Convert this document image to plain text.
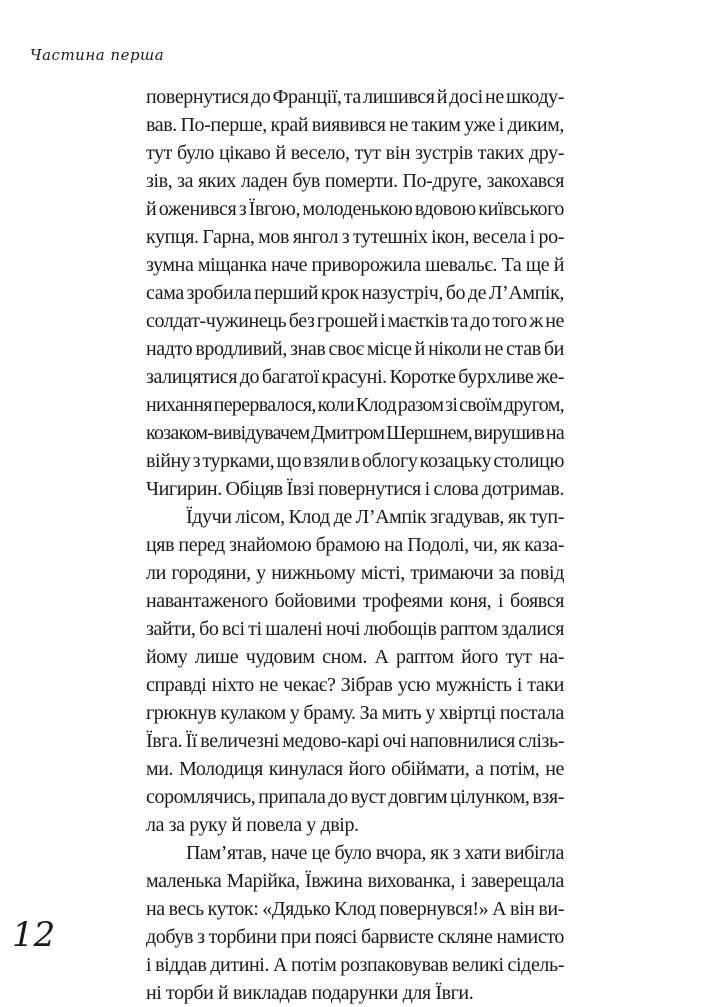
Частина перша
повернутися до Франції, та лишився й досі не шкоду-
вав. По-перше, край виявився не таким уже і диким,
тут було цікаво й весело, тут він зустрів таких дру-
зів, за яких ладен був померти. По-друге, закохався
й оженився з Ївгою, молоденькою вдовою київського
купця. Гарна, мов янгол з тутешніх ікон, весела і ро-
зумна міщанка наче приворожила шевальє. Та ще й
сама зробила перший крок назустріч, бо де Л’Ампік,
солдат-чужинець без грошей і маєтків та до того ж не
надто вродливий, знав своє місце й ніколи не став би
залицятися до багатої красуні. Коротке бурхливе же-
нихання перервалося, коли Клод разом зі своїм другом,
козаком-вивідувачем Дмитром Шершнем, вирушив на
війну з турками, що взяли в облогу козацьку столицю
Чигирин. Обіцяв Ївзі повернутися і слова дотримав.
Їдучи лісом, Клод де Л’Ампік згадував, як туп-
цяв перед знайомою брамою на Подолі, чи, як каза-
ли городяни, у нижньому місті, тримаючи за повід
навантаженого бойовими трофеями коня, і боявся
зайти, бо всі ті шалені ночі любощів раптом здалися
йому лише чудовим сном. А раптом його тут на-
справді ніхто не чекає? Зібрав усю мужність і таки
грюкнув кулаком у браму. За мить у хвіртці постала
Ївга. Її величезні медово-карі очі наповнилися слізь-
ми. Молодиця кинулася його обіймати, а потім, не
соромлячись, припала до вуст довгим цілунком, взя-
ла за руку й повела у двір.
Пам’ятав, наче це було вчора, як з хати вибігла
маленька Марійка, Ївжина вихованка, і заверещала
на весь куток: «Дядько Клод повернувся!» А він ви-
добув з торбини при поясі барвисте скляне намисто
і віддав дитині. А потім розпаковував великі сідель-
ні торби й викладав подарунки для Ївги.
12
